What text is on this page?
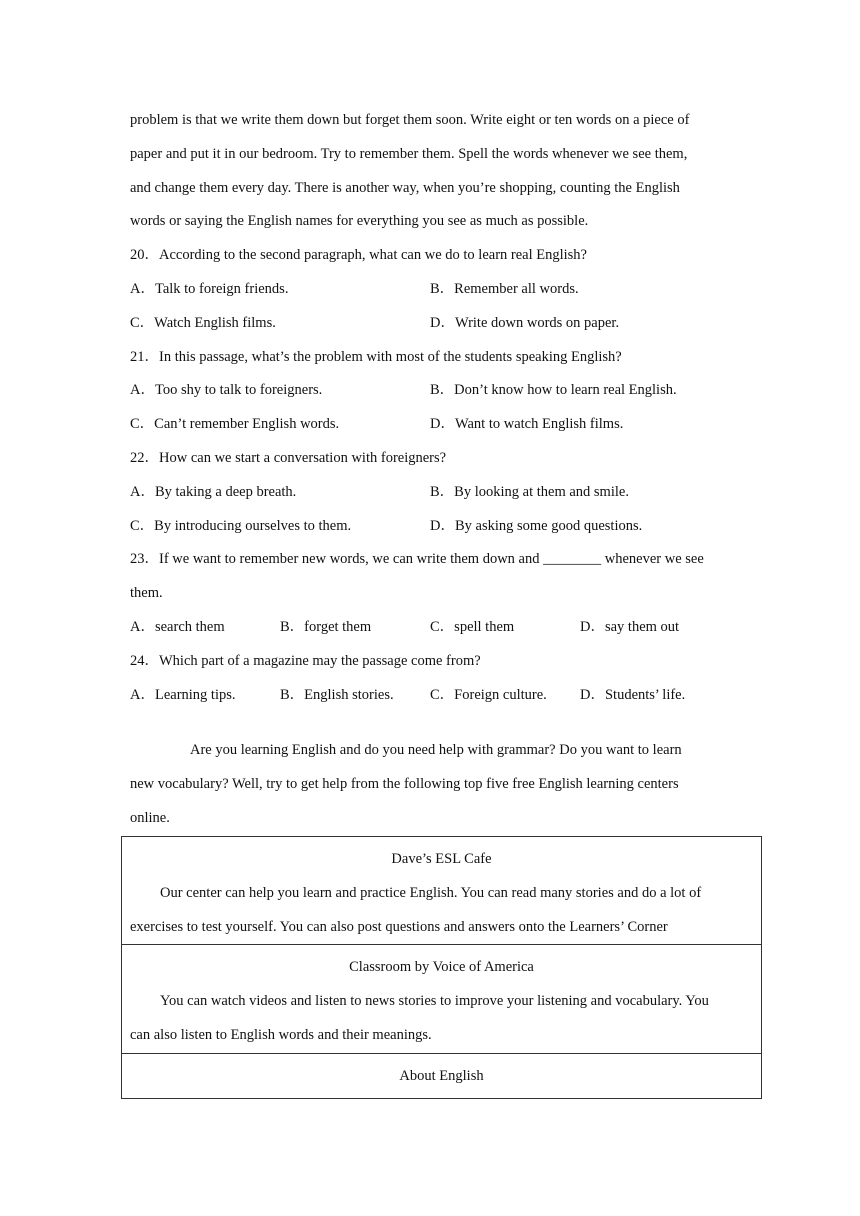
problem is that we write them down but forget them soon. Write eight or ten words on a piece of
paper and put it in our bedroom. Try to remember them. Spell the words whenever we see them,
and change them every day. There is another way, when you’re shopping, counting the English
words or saying the English names for everything you see as much as possible.
20．According to the second paragraph, what can we do to learn real English?
A．Talk to foreign friends.	B．Remember all words.
C．Watch English films.	D．Write down words on paper.
21．In this passage, what’s the problem with most of the students speaking English?
A．Too shy to talk to foreigners.	B．Don’t know how to learn real English.
C．Can’t remember English words.	D．Want to watch English films.
22．How can we start a conversation with foreigners?
A．By taking a deep breath.	B．By looking at them and smile.
C．By introducing ourselves to them.	D．By asking some good questions.
23．If we want to remember new words, we can write them down and ________ whenever we see
them.
A．search them	B．forget them	C．spell them	D．say them out
24．Which part of a magazine may the passage come from?
A．Learning tips.	B．English stories.	C．Foreign culture.	D．Students’ life.
Are you learning English and do you need help with grammar? Do you want to learn
new vocabulary? Well, try to get help from the following top five free English learning centers
online.
Dave’s ESL Cafe
Our center can help you learn and practice English. You can read many stories and do a lot of
exercises to test yourself. You can also post questions and answers onto the Learners’ Corner

Classroom by Voice of America
You can watch videos and listen to news stories to improve your listening and vocabulary. You
can also listen to English words and their meanings.

About English
